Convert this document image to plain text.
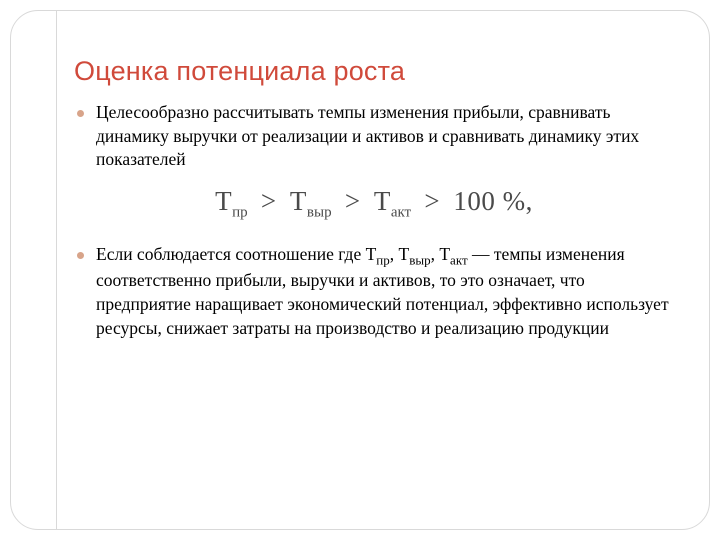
Оценка потенциала роста
Целесообразно рассчитывать темпы изменения прибыли, сравнивать динамику выручки от реализации и активов и сравнивать динамику этих показателей
$Т_{пр} > Т_{выр} > Т_{акт} > 100$ %,
Если соблюдается соотношение где $Т_{пр}$, $Т_{выр}$, $Т_{акт}$ — темпы изменения соответственно прибыли, выручки и активов, то это означает, что предприятие наращивает экономический потенциал, эффективно использует ресурсы, снижает затраты на производство и реализацию продукции
